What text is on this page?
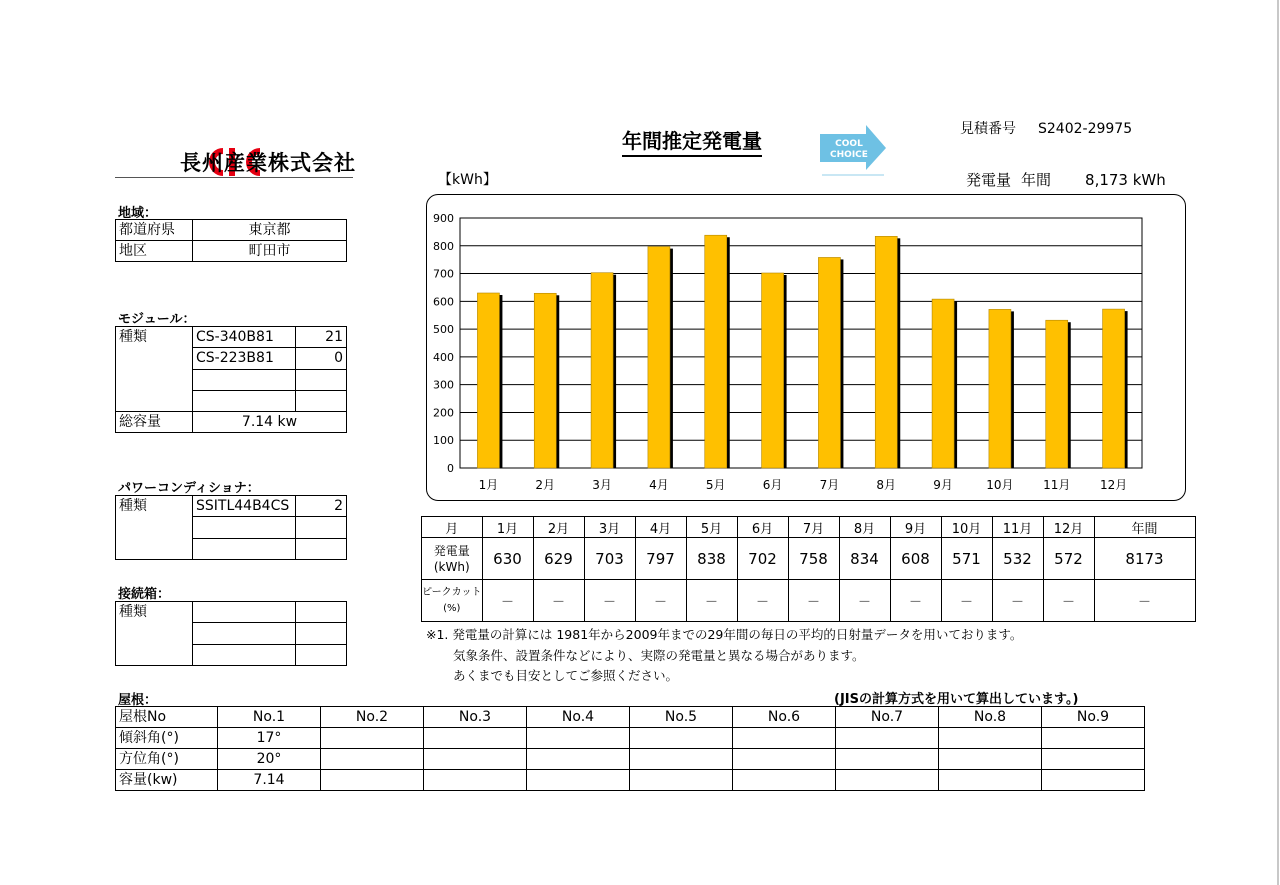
長州産業株式会社
年間推定発電量	COOL
CHOICE
見積番号 S2402-29975
発電量 年間 8,173 kWh
【kWh】
地域：
都道府県	東京都
地区	町田市
モジュール：
種類	CS-340B81	21
	CS-223B81	0

総容量	7.14 kw	
パワーコンディショナ：
種類	SSITL44B4CS	2

接続箱：
種類		

0
100
200
300
400
500
600
700
800
900
1月	2月	3月	4月	5月	6月	7月	8月	9月	10月 11月 12月
月	1月	2月	3月	4月	5月	6月	7月	8月	9月	10月	11月	12月	年間
発電量
(kWh)	630	629	703	797	838	702	758	834	608	571	532	572	8173
ピークカット
(%)	－	－	－	－	－	－	－	－	－	－	－	－	－
※1. 発電量の計算には 1981年から2009年までの29年間の毎日の平均的日射量データを用いております。
気象条件、設置条件などにより、実際の発電量と異なる場合があります。
あくまでも目安としてご参照ください。
屋根：	(JISの計算方式を用いて算出しています。)
屋根No	No.1	No.2	No.3	No.4	No.5	No.6	No.7	No.8	No.9
傾斜角(°)	17°								
方位角(°)	20°								
容量(kw)	7.14								
